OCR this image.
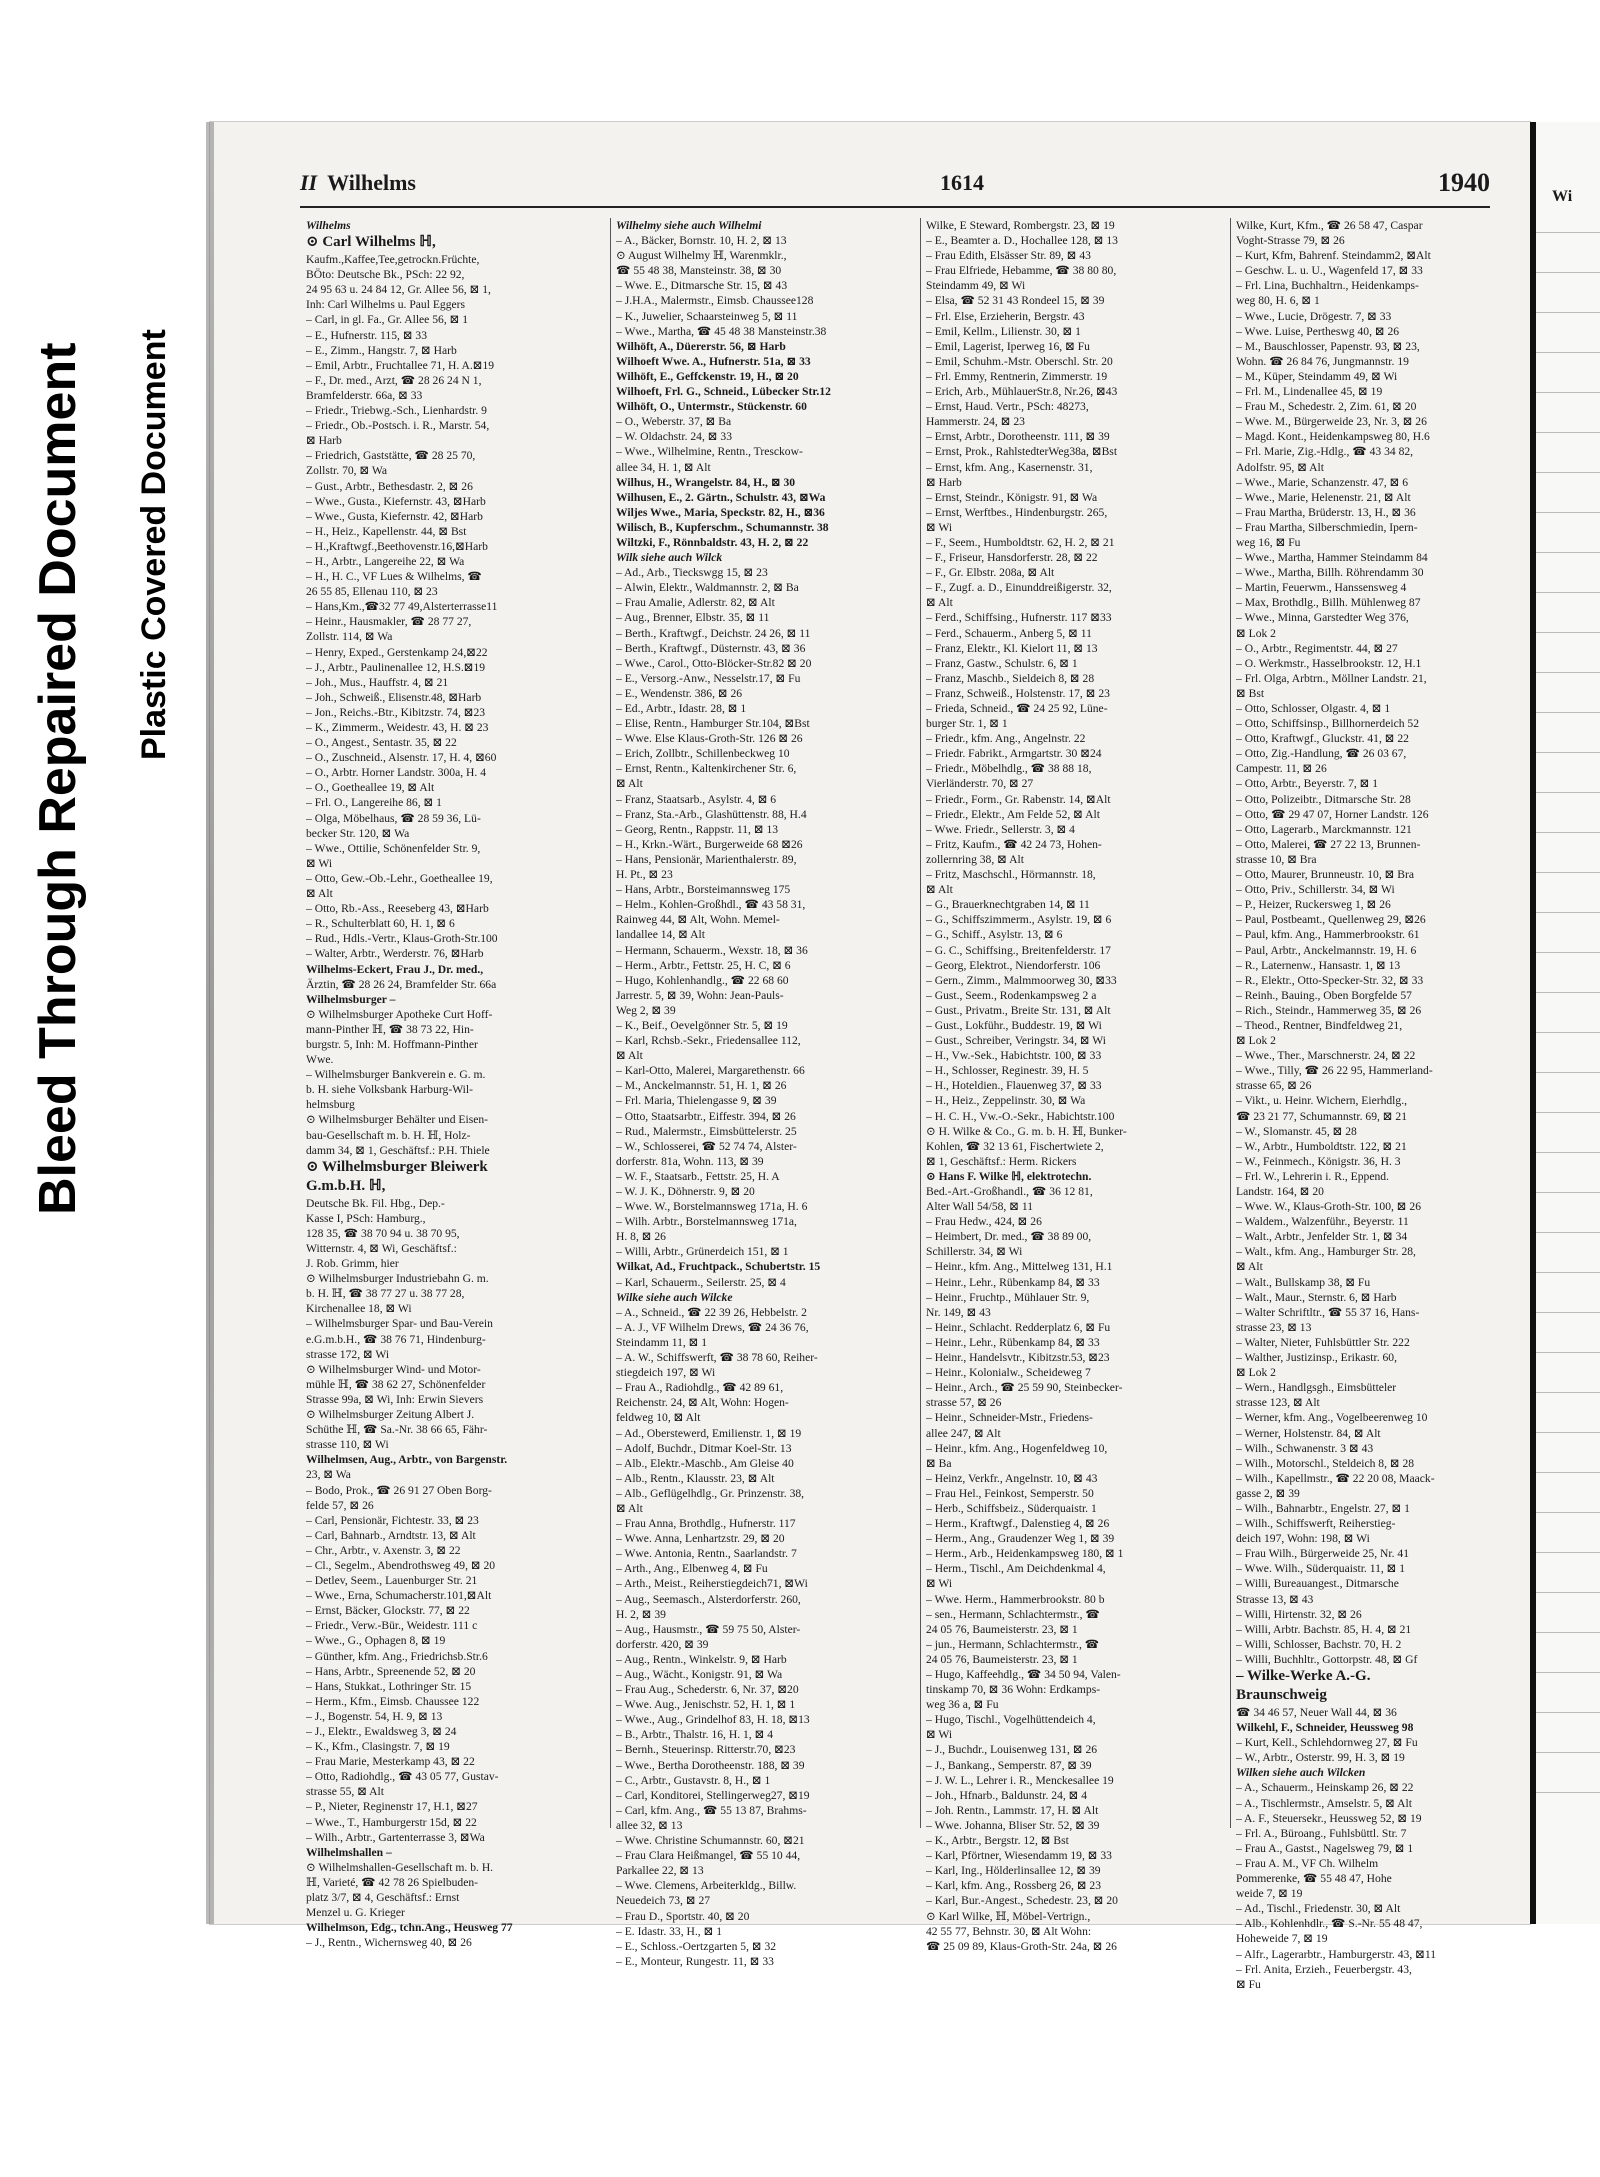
Bleed Through Repaired Document Plastic Covered Document
II Wilhelms	1614	1940
Wilhelms
⊙ Carl Wilhelms ℍ,
Kaufm.,Kaffee,Tee,getrockn.Früchte,
BÖto: Deutsche Bk., PSch: 22 92,
24 95 63 u. 24 84 12, Gr. Allee 56, ⊠ 1,
Inh: Carl Wilhelms u. Paul Eggers
– Carl, in gl. Fa., Gr. Allee 56, ⊠ 1
– E., Hufnerstr. 115, ⊠ 33
– E., Zimm., Hangstr. 7, ⊠ Harb
– Emil, Arbtr., Fruchtallee 71, H. A.⊠19
– F., Dr. med., Arzt, ☎ 28 26 24 N 1,
Bramfelderstr. 66a, ⊠ 33
– Friedr., Triebwg.-Sch., Lienhardstr. 9
– Friedr., Ob.-Postsch. i. R., Marstr. 54,
⊠ Harb
– Friedrich, Gaststätte, ☎ 28 25 70,
Zollstr. 70, ⊠ Wa
– Gust., Arbtr., Bethesdastr. 2, ⊠ 26
– Wwe., Gusta., Kiefernstr. 43, ⊠Harb
– Wwe., Gusta, Kiefernstr. 42, ⊠Harb
– H., Heiz., Kapellenstr. 44, ⊠ Bst
– H.,Kraftwgf.,Beethovenstr.16,⊠Harb
– H., Arbtr., Langereihe 22, ⊠ Wa
– H., H. C., VF Lues & Wilhelms, ☎
26 55 85, Ellenau 110, ⊠ 23
– Hans,Km.,☎32 77 49,Alsterterrasse11
– Heinr., Hausmakler, ☎ 28 77 27,
Zollstr. 114, ⊠ Wa
– Henry, Exped., Gerstenkamp 24,⊠22
– J., Arbtr., Paulinenallee 12, H.S.⊠19
– Joh., Mus., Hauffstr. 4, ⊠ 21
– Joh., Schweiß., Elisenstr.48, ⊠Harb
– Jon., Reichs.-Btr., Kibitzstr. 74, ⊠23
– K., Zimmerm., Weidestr. 43, H. ⊠ 23
– O., Angest., Sentastr. 35, ⊠ 22
– O., Zuschneid., Alsenstr. 17, H. 4, ⊠60
– O., Arbtr. Horner Landstr. 300a, H. 4
– O., Goetheallee 19, ⊠ Alt
– Frl. O., Langereihe 86, ⊠ 1
– Olga, Möbelhaus, ☎ 28 59 36, Lü-
becker Str. 120, ⊠ Wa
– Wwe., Ottilie, Schönenfelder Str. 9,
⊠ Wi
– Otto, Gew.-Ob.-Lehr., Goetheallee 19,
⊠ Alt
– Otto, Rb.-Ass., Reeseberg 43, ⊠Harb
– R., Schulterblatt 60, H. 1, ⊠ 6
– Rud., Hdls.-Vertr., Klaus-Groth-Str.100
– Walter, Arbtr., Werderstr. 76, ⊠Harb
Wilhelms-Eckert, Frau J., Dr. med.,
Ärztin, ☎ 28 26 24, Bramfelder Str. 66a
Wilhelmsburger –
⊙ Wilhelmsburger Apotheke Curt Hoff-
mann-Pinther ℍ, ☎ 38 73 22, Hin-
burgstr. 5, Inh: M. Hoffmann-Pinther
Wwe.
– Wilhelmsburger Bankverein e. G. m.
b. H. siehe Volksbank Harburg-Wil-
helmsburg
⊙ Wilhelmsburger Behälter und Eisen-
bau-Gesellschaft m. b. H. ℍ, Holz-
damm 34, ⊠ 1, Geschäftsf.: P.H. Thiele
⊙ Wilhelmsburger Bleiwerk
G.m.b.H. ℍ,
Deutsche Bk. Fil. Hbg., Dep.-
Kasse I, PSch: Hamburg.,
128 35, ☎ 38 70 94 u. 38 70 95,
Witternstr. 4, ⊠ Wi, Geschäftsf.:
J. Rob. Grimm, hier
⊙ Wilhelmsburger Industriebahn G. m.
b. H. ℍ, ☎ 38 77 27 u. 38 77 28,
Kirchenallee 18, ⊠ Wi
– Wilhelmsburger Spar- und Bau-Verein
e.G.m.b.H., ☎ 38 76 71, Hindenburg-
strasse 172, ⊠ Wi
⊙ Wilhelmsburger Wind- und Motor-
mühle ℍ, ☎ 38 62 27, Schönenfelder
Strasse 99a, ⊠ Wi, Inh: Erwin Sievers
⊙ Wilhelmsburger Zeitung Albert J.
Schüthe ℍ, ☎ Sa.-Nr. 38 66 65, Fähr-
strasse 110, ⊠ Wi
Wilhelmsen, Aug., Arbtr., von Bargenstr.
23, ⊠ Wa
– Bodo, Prok., ☎ 26 91 27 Oben Borg-
felde 57, ⊠ 26
– Carl, Pensionär, Fichtestr. 33, ⊠ 23
– Carl, Bahnarb., Arndtstr. 13, ⊠ Alt
– Chr., Arbtr., v. Axenstr. 3, ⊠ 22
– Cl., Segelm., Abendrothsweg 49, ⊠ 20
– Detlev, Seem., Lauenburger Str. 21
– Wwe., Erna, Schumacherstr.101,⊠Alt
– Ernst, Bäcker, Glockstr. 77, ⊠ 22
– Friedr., Verw.-Bür., Weidestr. 111 c
– Wwe., G., Ophagen 8, ⊠ 19
– Günther, kfm. Ang., Friedrichsb.Str.6
– Hans, Arbtr., Spreenende 52, ⊠ 20
– Hans, Stukkat., Lothringer Str. 15
– Herm., Kfm., Eimsb. Chaussee 122
– J., Bogenstr. 54, H. 9, ⊠ 13
– J., Elektr., Ewaldsweg 3, ⊠ 24
– K., Kfm., Clasingstr. 7, ⊠ 19
– Frau Marie, Mesterkamp 43, ⊠ 22
– Otto, Radiohdlg., ☎ 43 05 77, Gustav-
strasse 55, ⊠ Alt
– P., Nieter, Reginenstr 17, H.1, ⊠27
– Wwe., T., Hamburgerstr 15d, ⊠ 22
– Wilh., Arbtr., Gartenterrasse 3, ⊠Wa
Wilhelmshallen –
⊙ Wilhelmshallen-Gesellschaft m. b. H.
ℍ, Varieté, ☎ 42 78 26 Spielbuden-
platz 3/7, ⊠ 4, Geschäftsf.: Ernst
Menzel u. G. Krieger
Wilhelmson, Edg., tchn.Ang., Heusweg 77
– J., Rentn., Wichernsweg 40, ⊠ 26
Wilhelmy siehe auch Wilhelmi
– A., Bäcker, Bornstr. 10, H. 2, ⊠ 13
⊙ August Wilhelmy ℍ, Warenmklr.,
☎ 55 48 38, Mansteinstr. 38, ⊠ 30
– Wwe. E., Ditmarsche Str. 15, ⊠ 43
– J.H.A., Malermstr., Eimsb. Chaussee128
– K., Juwelier, Schaarsteinweg 5, ⊠ 11
– Wwe., Martha, ☎ 45 48 38 Mansteinstr.38
Wilhöft, A., Düererstr. 56, ⊠ Harb
Wilhoeft Wwe. A., Hufnerstr. 51a, ⊠ 33
Wilhöft, E., Geffckenstr. 19, H., ⊠ 20
Wilhoeft, Frl. G., Schneid., Lübecker Str.12
Wilhöft, O., Untermstr., Stückenstr. 60
– O., Weberstr. 37, ⊠ Ba
– W. Oldachstr. 24, ⊠ 33
– Wwe., Wilhelmine, Rentn., Tresckow-
allee 34, H. 1, ⊠ Alt
Wilhus, H., Wrangelstr. 84, H., ⊠ 30
Wilhusen, E., 2. Gärtn., Schulstr. 43, ⊠Wa
Wiljes Wwe., Maria, Speckstr. 82, H., ⊠36
Wilisch, B., Kupferschm., Schumannstr. 38
Wiltzki, F., Rönnbaldstr. 43, H. 2, ⊠ 22
Wilk siehe auch Wilck
– Ad., Arb., Tieckswgg 15, ⊠ 23
– Alwin, Elektr., Waldmannstr. 2, ⊠ Ba
– Frau Amalie, Adlerstr. 82, ⊠ Alt
– Aug., Brenner, Elbstr. 35, ⊠ 11
– Berth., Kraftwgf., Deichstr. 24 26, ⊠ 11
– Berth., Kraftwgf., Düsternstr. 43, ⊠ 36
– Wwe., Carol., Otto-Blöcker-Str.82 ⊠ 20
– E., Versorg.-Anw., Nesselstr.17, ⊠ Fu
– E., Wendenstr. 386, ⊠ 26
– Ed., Arbtr., Idastr. 28, ⊠ 1
– Elise, Rentn., Hamburger Str.104, ⊠Bst
– Wwe. Else Klaus-Groth-Str. 126 ⊠ 26
– Erich, Zollbtr., Schillenbeckweg 10
– Ernst, Rentn., Kaltenkirchener Str. 6,
⊠ Alt
– Franz, Staatsarb., Asylstr. 4, ⊠ 6
– Franz, Sta.-Arb., Glashüttenstr. 88, H.4
– Georg, Rentn., Rappstr. 11, ⊠ 13
– H., Krkn.-Wärt., Burgerweide 68 ⊠26
– Hans, Pensionär, Marienthalerstr. 89,
H. Pt., ⊠ 23
– Hans, Arbtr., Borsteimannsweg 175
– Helm., Kohlen-Großhdl., ☎ 43 58 31,
Rainweg 44, ⊠ Alt, Wohn. Memel-
landallee 14, ⊠ Alt
– Hermann, Schauerm., Wexstr. 18, ⊠ 36
– Herm., Arbtr., Fettstr. 25, H. C, ⊠ 6
– Hugo, Kohlenhandlg., ☎ 22 68 60
Jarrestr. 5, ⊠ 39, Wohn: Jean-Pauls-
Weg 2, ⊠ 39
– K., Beif., Oevelgönner Str. 5, ⊠ 19
– Karl, Rchsb.-Sekr., Friedensallee 112,
⊠ Alt
– Karl-Otto, Malerei, Margarethenstr. 66
– M., Anckelmannstr. 51, H. 1, ⊠ 26
– Frl. Maria, Thielengasse 9, ⊠ 39
– Otto, Staatsarbtr., Eiffestr. 394, ⊠ 26
– Rud., Malermstr., Eimsbüttelerstr. 25
– W., Schlosserei, ☎ 52 74 74, Alster-
dorferstr. 81a, Wohn. 113, ⊠ 39
– W. F., Staatsarb., Fettstr. 25, H. A
– W. J. K., Döhnerstr. 9, ⊠ 20
– Wwe. W., Borstelmannsweg 171a, H. 6
– Wilh. Arbtr., Borstelmannsweg 171a,
H. 8, ⊠ 26
– Willi, Arbtr., Grünerdeich 151, ⊠ 1
Wilkat, Ad., Fruchtpack., Schubertstr. 15
– Karl, Schauerm., Seilerstr. 25, ⊠ 4
Wilke siehe auch Wilcke
– A., Schneid., ☎ 22 39 26, Hebbelstr. 2
– A. J., VF Wilhelm Drews, ☎ 24 36 76,
Steindamm 11, ⊠ 1
– A. W., Schiffswerft, ☎ 38 78 60, Reiher-
stiegdeich 197, ⊠ Wi
– Frau A., Radiohdlg., ☎ 42 89 61,
Reichenstr. 24, ⊠ Alt, Wohn: Hogen-
feldweg 10, ⊠ Alt
– Ad., Oberstewerd, Emilienstr. 1, ⊠ 19
– Adolf, Buchdr., Ditmar Koel-Str. 13
– Alb., Elektr.-Maschb., Am Gleise 40
– Alb., Rentn., Klausstr. 23, ⊠ Alt
– Alb., Geflügelhdlg., Gr. Prinzenstr. 38,
⊠ Alt
– Frau Anna, Brothdlg., Hufnerstr. 117
– Wwe. Anna, Lenhartzstr. 29, ⊠ 20
– Wwe. Antonia, Rentn., Saarlandstr. 7
– Arth., Ang., Elbenweg 4, ⊠ Fu
– Arth., Meist., Reiherstiegdeich71, ⊠Wi
– Aug., Seemasch., Alsterdorferstr. 260,
H. 2, ⊠ 39
– Aug., Hausmstr., ☎ 59 75 50, Alster-
dorferstr. 420, ⊠ 39
– Aug., Rentn., Winkelstr. 9, ⊠ Harb
– Aug., Wächt., Konigstr. 91, ⊠ Wa
– Frau Aug., Schederstr. 6, Nr. 37, ⊠20
– Wwe. Aug., Jenischstr. 52, H. 1, ⊠ 1
– Wwe., Aug., Grindelhof 83, H. 18, ⊠13
– B., Arbtr., Thalstr. 16, H. 1, ⊠ 4
– Bernh., Steuerinsp. Ritterstr.70, ⊠23
– Wwe., Bertha Dorotheenstr. 188, ⊠ 39
– C., Arbtr., Gustavstr. 8, H., ⊠ 1
– Carl, Konditorei, Stellingerweg27, ⊠19
– Carl, kfm. Ang., ☎ 55 13 87, Brahms-
allee 32, ⊠ 13
– Wwe. Christine Schumannstr. 60, ⊠21
– Frau Clara Heißmangel, ☎ 55 10 44,
Parkallee 22, ⊠ 13
– Wwe. Clemens, Arbeiterkldg., Billw.
Neuedeich 73, ⊠ 27
– Frau D., Sportstr. 40, ⊠ 20
– E. Idastr. 33, H., ⊠ 1
– E., Schloss.-Oertzgarten 5, ⊠ 32
– E., Monteur, Rungestr. 11, ⊠ 33
Wilke, E Steward, Rombergstr. 23, ⊠ 19
– E., Beamter a. D., Hochallee 128, ⊠ 13
– Frau Edith, Elsässer Str. 89, ⊠ 43
– Frau Elfriede, Hebamme, ☎ 38 80 80,
Steindamm 49, ⊠ Wi
– Elsa, ☎ 52 31 43 Rondeel 15, ⊠ 39
– Frl. Else, Erzieherin, Bergstr. 43
– Emil, Kellm., Lilienstr. 30, ⊠ 1
– Emil, Lagerist, Iperweg 16, ⊠ Fu
– Emil, Schuhm.-Mstr. Oberschl. Str. 20
– Frl. Emmy, Rentnerin, Zimmerstr. 19
– Erich, Arb., MühlauerStr.8, Nr.26, ⊠43
– Ernst, Haud. Vertr., PSch: 48273,
Hammerstr. 24, ⊠ 23
– Ernst, Arbtr., Dorotheenstr. 111, ⊠ 39
– Ernst, Prok., RahlstedterWeg38a, ⊠Bst
– Ernst, kfm. Ang., Kasernenstr. 31,
⊠ Harb
– Ernst, Steindr., Königstr. 91, ⊠ Wa
– Ernst, Werftbes., Hindenburgstr. 265,
⊠ Wi
– F., Seem., Humboldtstr. 62, H. 2, ⊠ 21
– F., Friseur, Hansdorferstr. 28, ⊠ 22
– F., Gr. Elbstr. 208a, ⊠ Alt
– F., Zugf. a. D., Einunddreißigerstr. 32,
⊠ Alt
– Ferd., Schiffsing., Hufnerstr. 117 ⊠33
– Ferd., Schauerm., Anberg 5, ⊠ 11
– Franz, Elektr., Kl. Kielort 11, ⊠ 13
– Franz, Gastw., Schulstr. 6, ⊠ 1
– Franz, Maschb., Sieldeich 8, ⊠ 28
– Franz, Schweiß., Holstenstr. 17, ⊠ 23
– Frieda, Schneid., ☎ 24 25 92, Lüne-
burger Str. 1, ⊠ 1
– Friedr., kfm. Ang., Angelnstr. 22
– Friedr. Fabrikt., Armgartstr. 30 ⊠24
– Friedr., Möbelhdlg., ☎ 38 88 18,
Vierländerstr. 70, ⊠ 27
– Friedr., Form., Gr. Rabenstr. 14, ⊠Alt
– Friedr., Elektr., Am Felde 52, ⊠ Alt
– Wwe. Friedr., Sellerstr. 3, ⊠ 4
– Fritz, Kaufm., ☎ 42 24 73, Hohen-
zollernring 38, ⊠ Alt
– Fritz, Maschschl., Hörmannstr. 18,
⊠ Alt
– G., Brauerknechtgraben 14, ⊠ 11
– G., Schiffszimmerm., Asylstr. 19, ⊠ 6
– G., Schiff., Asylstr. 13, ⊠ 6
– G. C., Schiffsing., Breitenfelderstr. 17
– Georg, Elektrot., Niendorferstr. 106
– Gern., Zimm., Malmmoorweg 30, ⊠33
– Gust., Seem., Rodenkampsweg 2 a
– Gust., Privatm., Breite Str. 131, ⊠ Alt
– Gust., Lokführ., Buddestr. 19, ⊠ Wi
– Gust., Schreiber, Veringstr. 34, ⊠ Wi
– H., Vw.-Sek., Habichtstr. 100, ⊠ 33
– H., Schlosser, Reginestr. 39, H. 5
– H., Hoteldien., Flauenweg 37, ⊠ 33
– H., Heiz., Zeppelinstr. 30, ⊠ Wa
– H. C. H., Vw.-O.-Sekr., Habichtstr.100
⊙ H. Wilke & Co., G. m. b. H. ℍ, Bunker-
Kohlen, ☎ 32 13 61, Fischertwiete 2,
⊠ 1, Geschäftsf.: Herm. Rickers
⊙ Hans F. Wilke ℍ, elektrotechn.
Bed.-Art.-Großhandl., ☎ 36 12 81,
Alter Wall 54/58, ⊠ 11
– Frau Hedw., 424, ⊠ 26
– Heimbert, Dr. med., ☎ 38 89 00,
Schillerstr. 34, ⊠ Wi
– Heinr., kfm. Ang., Mittelweg 131, H.1
– Heinr., Lehr., Rübenkamp 84, ⊠ 33
– Heinr., Fruchtp., Mühlauer Str. 9,
Nr. 149, ⊠ 43
– Heinr., Schlacht. Redderplatz 6, ⊠ Fu
– Heinr., Lehr., Rübenkamp 84, ⊠ 33
– Heinr., Handelsvtr., Kibitzstr.53, ⊠23
– Heinr., Kolonialw., Scheideweg 7
– Heinr., Arch., ☎ 25 59 90, Steinbecker-
strasse 57, ⊠ 26
– Heinr., Schneider-Mstr., Friedens-
allee 247, ⊠ Alt
– Heinr., kfm. Ang., Hogenfeldweg 10,
⊠ Ba
– Heinz, Verkfr., Angelnstr. 10, ⊠ 43
– Frau Hel., Feinkost, Semperstr. 50
– Herb., Schiffsbeiz., Süderquaistr. 1
– Herm., Kraftwgf., Dalenstieg 4, ⊠ 26
– Herm., Ang., Graudenzer Weg 1, ⊠ 39
– Herm., Arb., Heidenkampsweg 180, ⊠ 1
– Herm., Tischl., Am Deichdenkmal 4,
⊠ Wi
– Wwe. Herm., Hammerbrookstr. 80 b
– sen., Hermann, Schlachtermstr., ☎
24 05 76, Baumeisterstr. 23, ⊠ 1
– jun., Hermann, Schlachtermstr., ☎
24 05 76, Baumeisterstr. 23, ⊠ 1
– Hugo, Kaffeehdlg., ☎ 34 50 94, Valen-
tinskamp 70, ⊠ 36 Wohn: Erdkamps-
weg 36 a, ⊠ Fu
– Hugo, Tischl., Vogelhüttendeich 4,
⊠ Wi
– J., Buchdr., Louisenweg 131, ⊠ 26
– J., Bankang., Semperstr. 87, ⊠ 39
– J. W. L., Lehrer i. R., Menckesallee 19
– Joh., Hfnarb., Baldunstr. 24, ⊠ 4
– Joh. Rentn., Lammstr. 17, H. ⊠ Alt
– Wwe. Johanna, Bliser Str. 52, ⊠ 39
– K., Arbtr., Bergstr. 12, ⊠ Bst
– Karl, Pförtner, Wiesendamm 19, ⊠ 33
– Karl, Ing., Hölderlinsallee 12, ⊠ 39
– Karl, kfm. Ang., Rossberg 26, ⊠ 23
– Karl, Bur.-Angest., Schedestr. 23, ⊠ 20
⊙ Karl Wilke, ℍ, Möbel-Vertrign.,
42 55 77, Behnstr. 30, ⊠ Alt Wohn:
☎ 25 09 89, Klaus-Groth-Str. 24a, ⊠ 26
Wilke, Kurt, Kfm., ☎ 26 58 47, Caspar
Voght-Strasse 79, ⊠ 26
– Kurt, Kfm, Bahrenf. Steindamm2, ⊠Alt
– Geschw. L. u. U., Wagenfeld 17, ⊠ 33
– Frl. Lina, Buchhaltrn., Heidenkamps-
weg 80, H. 6, ⊠ 1
– Wwe., Lucie, Drögestr. 7, ⊠ 33
– Wwe. Luise, Pertheswg 40, ⊠ 26
– M., Bauschlosser, Papenstr. 93, ⊠ 23,
Wohn. ☎ 26 84 76, Jungmannstr. 19
– M., Küper, Steindamm 49, ⊠ Wi
– Frl. M., Lindenallee 45, ⊠ 19
– Frau M., Schedestr. 2, Zim. 61, ⊠ 20
– Wwe. M., Bürgerweide 23, Nr. 3, ⊠ 26
– Magd. Kont., Heidenkampsweg 80, H.6
– Frl. Marie, Zig.-Hdlg., ☎ 43 34 82,
Adolfstr. 95, ⊠ Alt
– Wwe., Marie, Schanzenstr. 47, ⊠ 6
– Wwe., Marie, Helenenstr. 21, ⊠ Alt
– Frau Martha, Brüderstr. 13, H., ⊠ 36
– Frau Martha, Silberschmiedin, Ipern-
weg 16, ⊠ Fu
– Wwe., Martha, Hammer Steindamm 84
– Wwe., Martha, Billh. Röhrendamm 30
– Martin, Feuerwm., Hanssensweg 4
– Max, Brothdlg., Billh. Mühlenweg 87
– Wwe., Minna, Garstedter Weg 376,
⊠ Lok 2
– O., Arbtr., Regimentstr. 44, ⊠ 27
– O. Werkmstr., Hasselbrookstr. 12, H.1
– Frl. Olga, Arbtrn., Möllner Landstr. 21,
⊠ Bst
– Otto, Schlosser, Olgastr. 4, ⊠ 1
– Otto, Schiffsinsp., Billhornerdeich 52
– Otto, Kraftwgf., Gluckstr. 41, ⊠ 22
– Otto, Zig.-Handlung, ☎ 26 03 67,
Campestr. 11, ⊠ 26
– Otto, Arbtr., Beyerstr. 7, ⊠ 1
– Otto, Polizeibtr., Ditmarsche Str. 28
– Otto, ☎ 29 47 07, Horner Landstr. 126
– Otto, Lagerarb., Marckmannstr. 121
– Otto, Malerei, ☎ 27 22 13, Brunnen-
strasse 10, ⊠ Bra
– Otto, Maurer, Brunneustr. 10, ⊠ Bra
– Otto, Priv., Schillerstr. 34, ⊠ Wi
– P., Heizer, Ruckersweg 1, ⊠ 26
– Paul, Postbeamt., Quellenweg 29, ⊠26
– Paul, kfm. Ang., Hammerbrookstr. 61
– Paul, Arbtr., Anckelmannstr. 19, H. 6
– R., Laternenw., Hansastr. 1, ⊠ 13
– R., Elektr., Otto-Specker-Str. 32, ⊠ 33
– Reinh., Bauing., Oben Borgfelde 57
– Rich., Steindr., Hammerweg 35, ⊠ 26
– Theod., Rentner, Bindfeldweg 21,
⊠ Lok 2
– Wwe., Ther., Marschnerstr. 24, ⊠ 22
– Wwe., Tilly, ☎ 26 22 95, Hammerland-
strasse 65, ⊠ 26
– Vikt., u. Heinr. Wichern, Eierhdlg.,
☎ 23 21 77, Schumannstr. 69, ⊠ 21
– W., Slomanstr. 45, ⊠ 28
– W., Arbtr., Humboldtstr. 122, ⊠ 21
– W., Feinmech., Königstr. 36, H. 3
– Frl. W., Lehrerin i. R., Eppend.
Landstr. 164, ⊠ 20
– Wwe. W., Klaus-Groth-Str. 100, ⊠ 26
– Waldem., Walzenführ., Beyerstr. 11
– Walt., Arbtr., Jenfelder Str. 1, ⊠ 34
– Walt., kfm. Ang., Hamburger Str. 28,
⊠ Alt
– Walt., Bullskamp 38, ⊠ Fu
– Walt., Maur., Sternstr. 6, ⊠ Harb
– Walter Schriftltr., ☎ 55 37 16, Hans-
strasse 23, ⊠ 13
– Walter, Nieter, Fuhlsbüttler Str. 222
– Walther, Justizinsp., Erikastr. 60,
⊠ Lok 2
– Wern., Handlgsgh., Eimsbütteler
strasse 123, ⊠ Alt
– Werner, kfm. Ang., Vogelbeerenweg 10
– Werner, Holstenstr. 84, ⊠ Alt
– Wilh., Schwanenstr. 3 ⊠ 43
– Wilh., Motorschl., Steldeich 8, ⊠ 28
– Wilh., Kapellmstr., ☎ 22 20 08, Maack-
gasse 2, ⊠ 39
– Wilh., Bahnarbtr., Engelstr. 27, ⊠ 1
– Wilh., Schiffswerft, Reiherstieg-
deich 197, Wohn: 198, ⊠ Wi
– Frau Wilh., Bürgerweide 25, Nr. 41
– Wwe. Wilh., Süderquaistr. 11, ⊠ 1
– Willi, Bureauangest., Ditmarsche
Strasse 13, ⊠ 43
– Willi, Hirtenstr. 32, ⊠ 26
– Willi, Arbtr. Bachstr. 85, H. 4, ⊠ 21
– Willi, Schlosser, Bachstr. 70, H. 2
– Willi, Buchhltr., Gottorpstr. 48, ⊠ Gf
– Wilke-Werke A.-G.
Braunschweig
☎ 34 46 57, Neuer Wall 44, ⊠ 36
Wilkehl, F., Schneider, Heussweg 98
– Kurt, Kell., Schlehdornweg 27, ⊠ Fu
– W., Arbtr., Osterstr. 99, H. 3, ⊠ 19
Wilken siehe auch Wilcken
– A., Schauerm., Heinskamp 26, ⊠ 22
– A., Tischlermstr., Amselstr. 5, ⊠ Alt
– A. F., Steuersekr., Heussweg 52, ⊠ 19
– Frl. A., Büroang., Fuhlsbüttl. Str. 7
– Frau A., Gastst., Nagelsweg 79, ⊠ 1
– Frau A. M., VF Ch. Wilhelm
Pommerenke, ☎ 55 48 47, Hohe
weide 7, ⊠ 19
– Ad., Tischl., Friedenstr. 30, ⊠ Alt
– Alb., Kohlenhdlr., ☎ S.-Nr. 55 48 47,
Hoheweide 7, ⊠ 19
– Alfr., Lagerarbtr., Hamburgerstr. 43, ⊠11
– Frl. Anita, Erzieh., Feuerbergstr. 43,
⊠ Fu
Wi
